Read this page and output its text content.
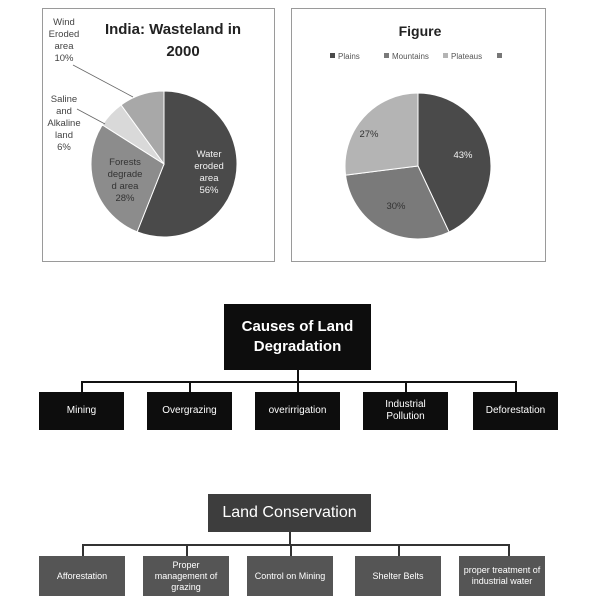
India: Wasteland in
2000
Water
eroded
area
56%
Forests
degrade
d area
28%
Saline
and
Alkaline
land
6%
Wind
Eroded
area
10%
Figure
Plains	Mountains	Plateaus
43%
30%
27%
Causes of Land Degradation
Mining	Overgrazing	overirrigation
Industrial Pollution
Deforestation
Land Conservation
Afforestation
Proper management of grazing
Control on Mining	Shelter Belts
proper treatment of industrial water
